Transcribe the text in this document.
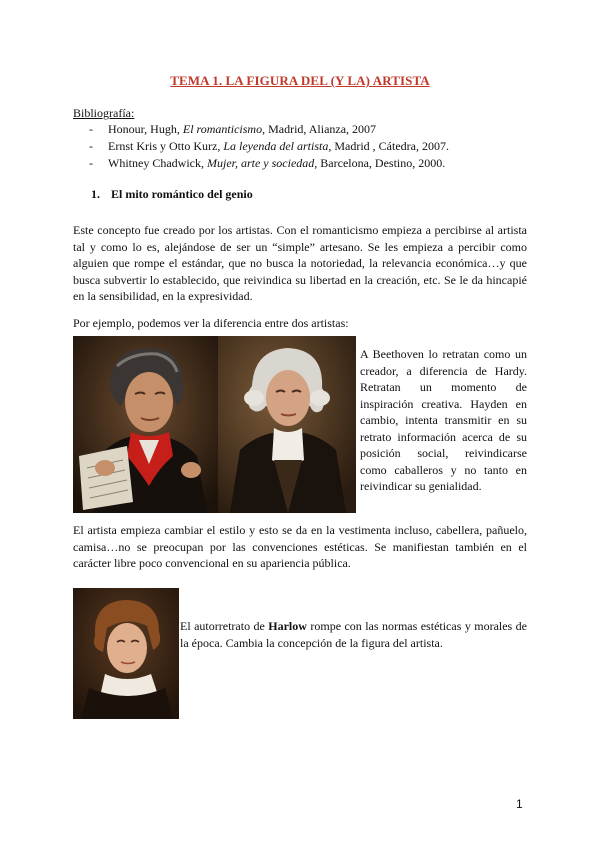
TEMA 1. LA FIGURA DEL (Y LA) ARTISTA
Bibliografía:
- Honour, Hugh, El romanticismo, Madrid, Alianza, 2007
- Ernst Kris y Otto Kurz, La leyenda del artista, Madrid , Cátedra, 2007.
- Whitney Chadwick, Mujer, arte y sociedad, Barcelona, Destino, 2000.
1. El mito romántico del genio

Este concepto fue creado por los artistas. Con el romanticismo empieza a percibirse al artista tal y como lo es, alejándose de ser un “simple” artesano. Se les empieza a percibir como alguien que rompe el estándar, que no busca la notoriedad, la relevancia económica…y que busca subvertir lo establecido, que reivindica su libertad en la creación, etc. Se le da hincapié en la sensibilidad, en la expresividad.

Por ejemplo, podemos ver la diferencia entre dos artistas:

A Beethoven lo retratan como un creador, a diferencia de Hardy. Retratan un momento de inspiración creativa. Hayden en cambio, intenta transmitir en su retrato información acerca de su posición social, reivindicarse como caballeros y no tanto en reivindicar su genialidad.

El artista empieza cambiar el estilo y esto se da en la vestimenta incluso, cabellera, pañuelo, camisa…no se preocupan por las convenciones estéticas. Se manifiestan también en el carácter libre poco convencional en su apariencia pública.

El autorretrato de Harlow rompe con las normas estéticas y morales de la época. Cambia la concepción de la figura del artista.

1
